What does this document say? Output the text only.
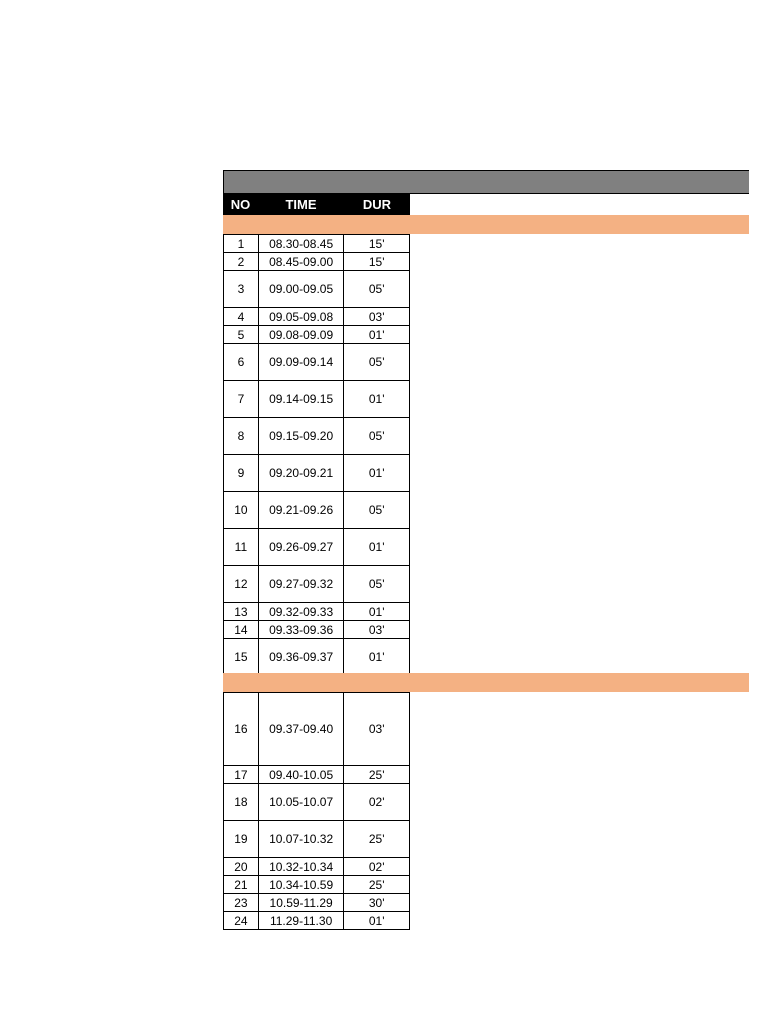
NO	TIME	DUR
1	08.30-08.45	15'
2	08.45-09.00	15'
3	09.00-09.05	05'
4	09.05-09.08	03'
5	09.08-09.09	01'
6	09.09-09.14	05'
7	09.14-09.15	01'
8	09.15-09.20	05'
9	09.20-09.21	01'
10	09.21-09.26	05'
11	09.26-09.27	01'
12	09.27-09.32	05'
13	09.32-09.33	01'
14	09.33-09.36	03'
15	09.36-09.37	01'
16	09.37-09.40	03'
17	09.40-10.05	25'
18	10.05-10.07	02'
19	10.07-10.32	25'
20	10.32-10.34	02'
21	10.34-10.59	25'
23	10.59-11.29	30'
24	11.29-11.30	01'
